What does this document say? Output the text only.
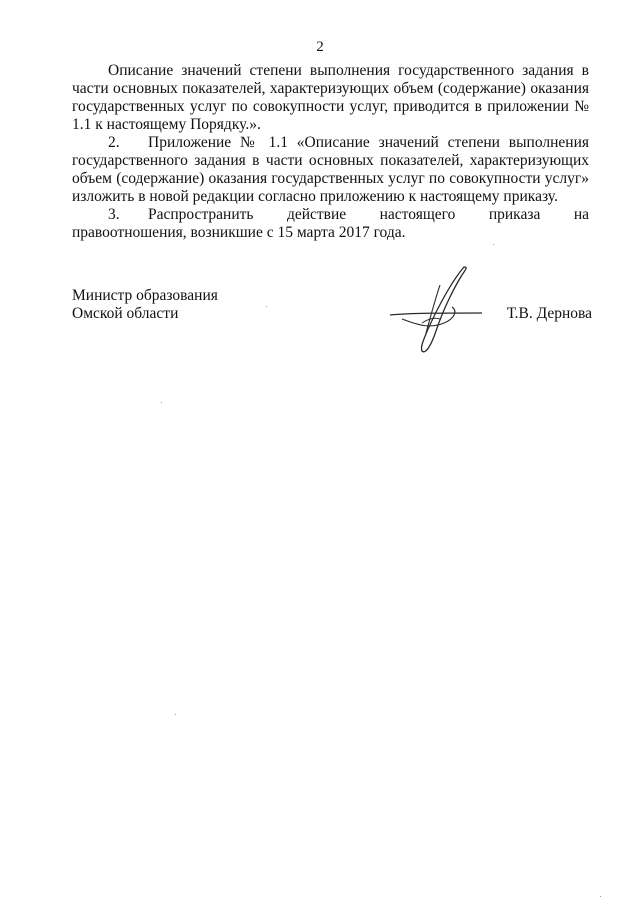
2

Описание значений степени выполнения государственного задания в части основных показателей, характеризующих объем (содержание) оказания государственных услуг по совокупности услуг, приводится в приложении № 1.1 к настоящему Порядку.».

2. Приложение № 1.1 «Описание значений степени выполнения государственного задания в части основных показателей, характеризующих объем (содержание) оказания государственных услуг по совокупности услуг» изложить в новой редакции согласно приложению к настоящему приказу.

3. Распространить действие настоящего приказа на правоотношения, возникшие с 15 марта 2017 года.

Министр образования
Омской области	Т.В. Дернова
